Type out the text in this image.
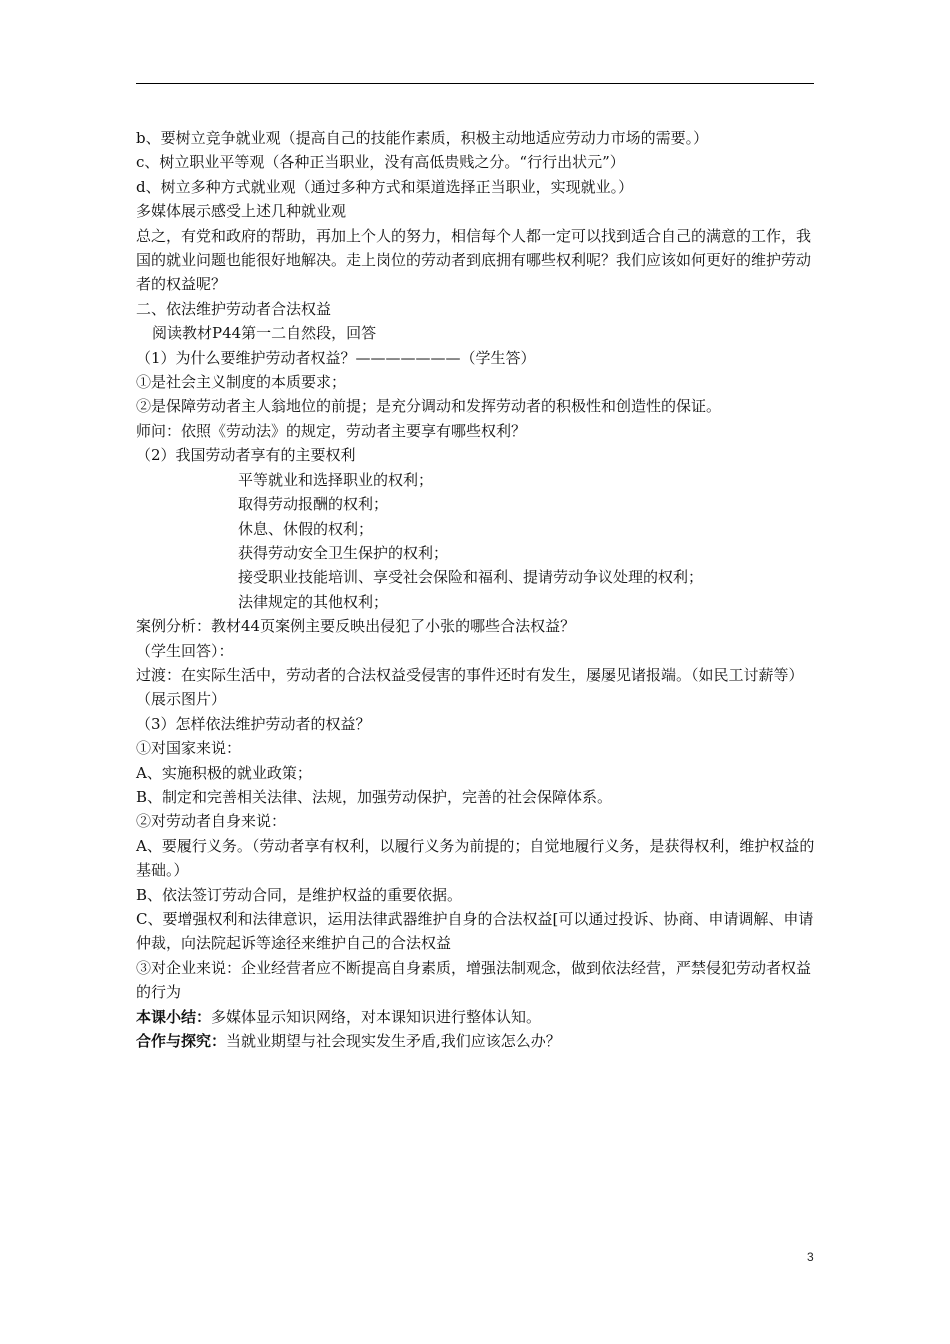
b、要树立竞争就业观（提高自己的技能作素质，积极主动地适应劳动力市场的需要。）
c、树立职业平等观（各种正当职业，没有高低贵贱之分。“行行出状元”）
d、树立多种方式就业观（通过多种方式和渠道选择正当职业，实现就业。）
多媒体展示感受上述几种就业观
总之，有党和政府的帮助，再加上个人的努力，相信每个人都一定可以找到适合自己的满意的工作，我国的就业问题也能很好地解决。走上岗位的劳动者到底拥有哪些权利呢？我们应该如何更好的维护劳动者的权益呢？
二、依法维护劳动者合法权益
阅读教材P44第一二自然段，回答
（1）为什么要维护劳动者权益？———————（学生答）
①是社会主义制度的本质要求；
②是保障劳动者主人翁地位的前提；是充分调动和发挥劳动者的积极性和创造性的保证。
师问：依照《劳动法》的规定，劳动者主要享有哪些权利？
（2）我国劳动者享有的主要权利
平等就业和选择职业的权利；
取得劳动报酬的权利；
休息、休假的权利；
获得劳动安全卫生保护的权利；
接受职业技能培训、享受社会保险和福利、提请劳动争议处理的权利；
法律规定的其他权利；
案例分析：教材44页案例主要反映出侵犯了小张的哪些合法权益？
（学生回答）：
过渡：在实际生活中，劳动者的合法权益受侵害的事件还时有发生，屡屡见诸报端。（如民工讨薪等）（展示图片）
（3）怎样依法维护劳动者的权益？
①对国家来说：
A、实施积极的就业政策；
B、制定和完善相关法律、法规，加强劳动保护，完善的社会保障体系。
②对劳动者自身来说：
A、要履行义务。（劳动者享有权利，以履行义务为前提的；自觉地履行义务，是获得权利，维护权益的基础。）
B、依法签订劳动合同，是维护权益的重要依据。
C、要增强权利和法律意识，运用法律武器维护自身的合法权益[可以通过投诉、协商、申请调解、申请仲裁，向法院起诉等途径来维护自己的合法权益
③对企业来说：企业经营者应不断提高自身素质，增强法制观念，做到依法经营，严禁侵犯劳动者权益的行为
本课小结：多媒体显示知识网络，对本课知识进行整体认知。
合作与探究：当就业期望与社会现实发生矛盾,我们应该怎么办？
3
